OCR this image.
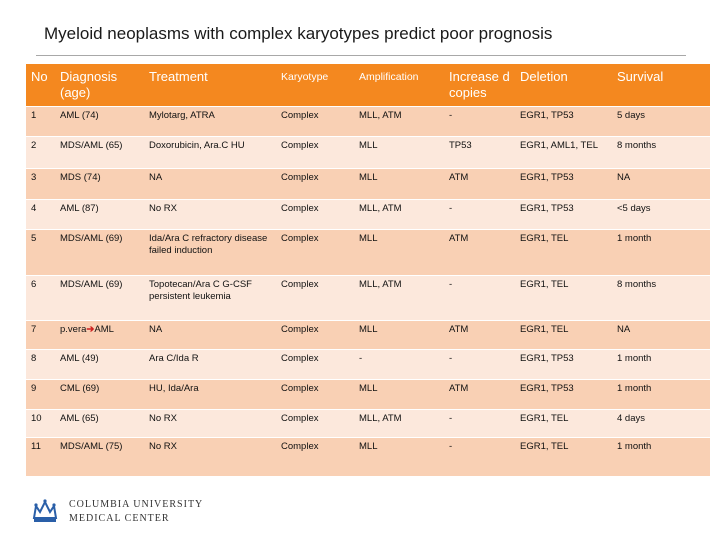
Myeloid neoplasms with complex karyotypes predict poor prognosis
No	Diagnosis (age)	Treatment	Karyotype	Amplification	Increase d copies	Deletion	Survival
1	AML (74)	Mylotarg, ATRA	Complex	MLL, ATM	-	EGR1, TP53	5 days
2	MDS/AML (65)	Doxorubicin, Ara.C HU	Complex	MLL	TP53	EGR1, AML1, TEL	8 months
3	MDS (74)	NA	Complex	MLL	ATM	EGR1, TP53	NA
4	AML (87)	No RX	Complex	MLL, ATM	-	EGR1, TP53	<5 days
5	MDS/AML (69)	Ida/Ara C refractory disease failed induction	Complex	MLL	ATM	EGR1, TEL	1 month
6	MDS/AML (69)	Topotecan/Ara C G-CSF persistent leukemia	Complex	MLL, ATM	-	EGR1, TEL	8 months
7	p.vera➔AML	NA	Complex	MLL	ATM	EGR1, TEL	NA
8	AML (49)	Ara C/Ida R	Complex	-	-	EGR1, TP53	1 month
9	CML (69)	HU, Ida/Ara	Complex	MLL	ATM	EGR1, TP53	1 month
10	AML (65)	No RX	Complex	MLL, ATM	-	EGR1, TEL	4 days
11	MDS/AML (75)	No RX	Complex	MLL	-	EGR1, TEL	1 month
COLUMBIA UNIVERSITY
MEDICAL CENTER
